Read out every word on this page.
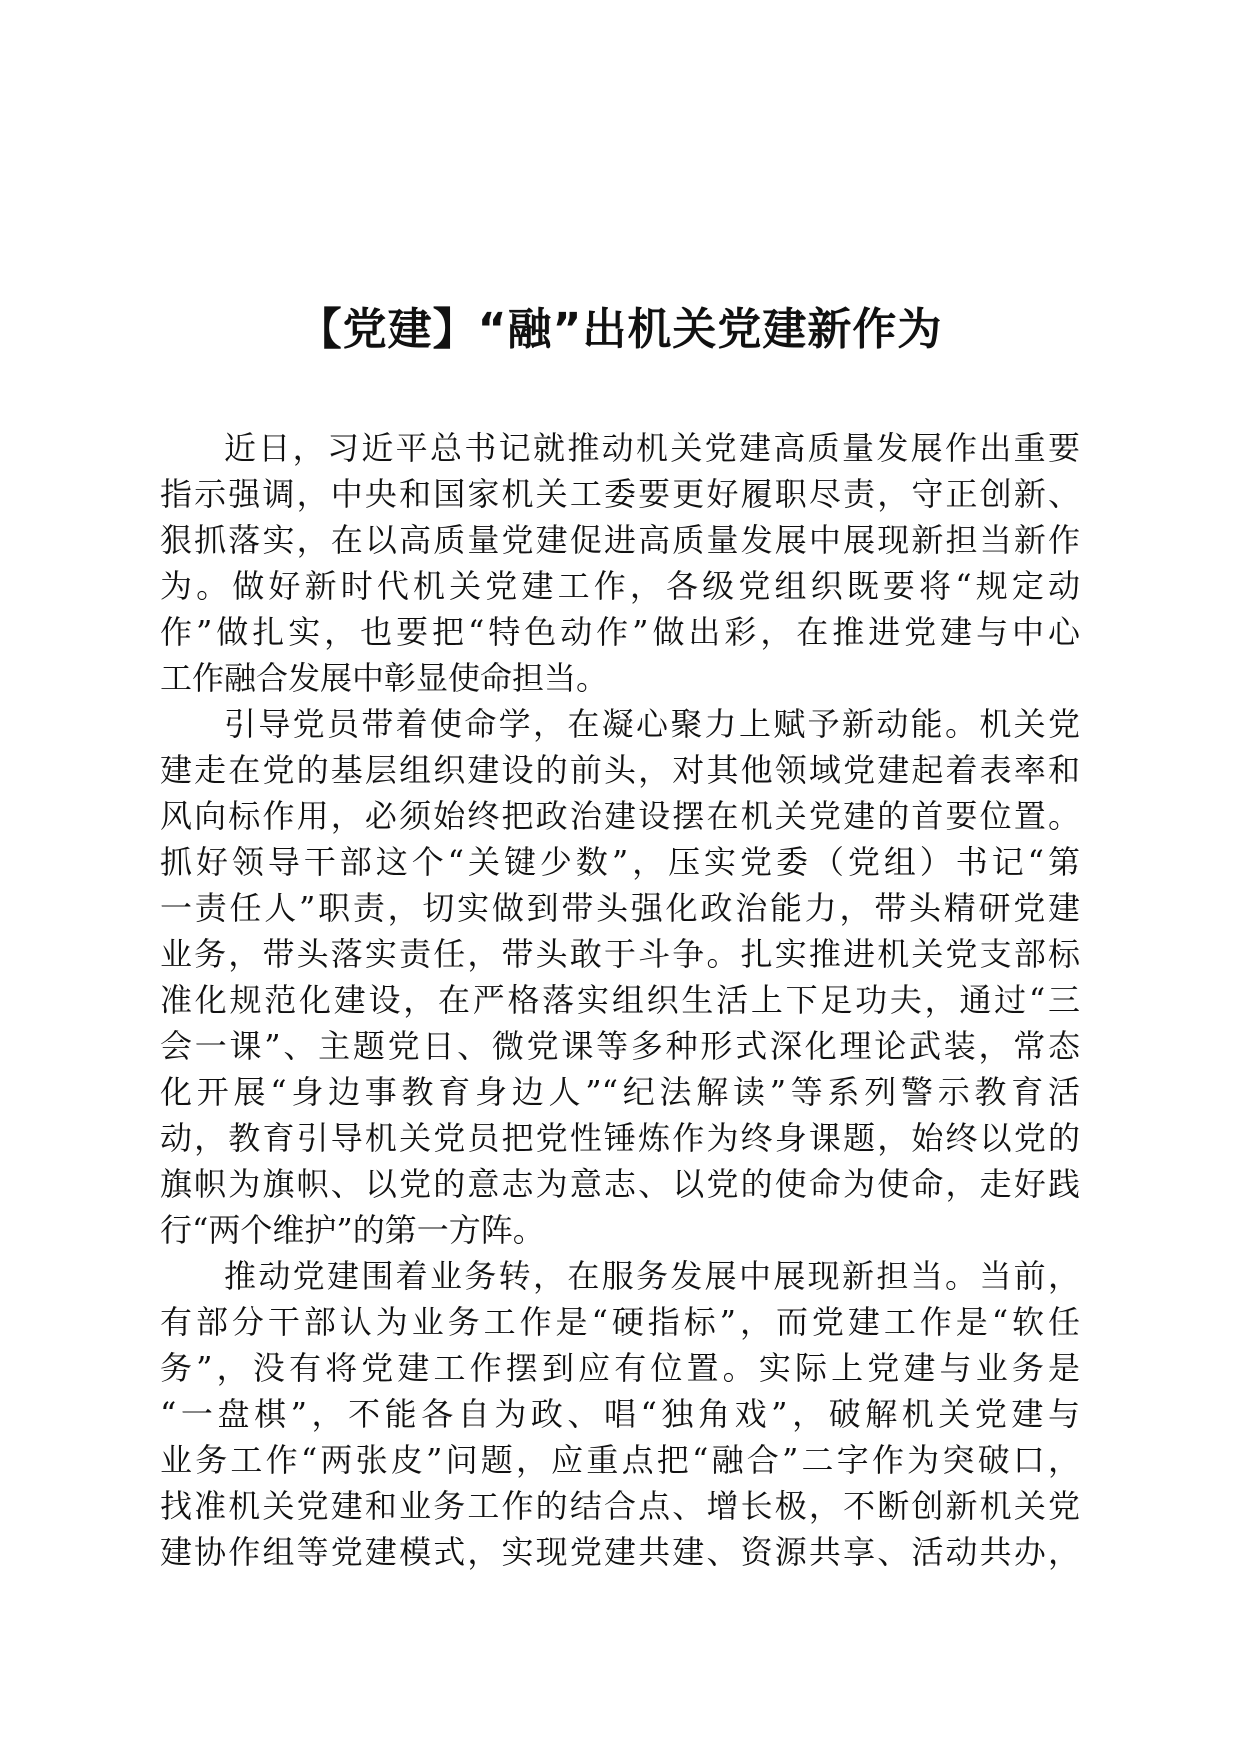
【党建】“融”出机关党建新作为
近日，习近平总书记就推动机关党建高质量发展作出重要
指示强调，中央和国家机关工委要更好履职尽责，守正创新、
狠抓落实，在以高质量党建促进高质量发展中展现新担当新作
为。做好新时代机关党建工作，各级党组织既要将“规定动
作”做扎实，也要把“特色动作”做出彩，在推进党建与中心
工作融合发展中彰显使命担当。
引导党员带着使命学，在凝心聚力上赋予新动能。机关党
建走在党的基层组织建设的前头，对其他领域党建起着表率和
风向标作用，必须始终把政治建设摆在机关党建的首要位置。
抓好领导干部这个“关键少数”，压实党委（党组）书记“第
一责任人”职责，切实做到带头强化政治能力，带头精研党建
业务，带头落实责任，带头敢于斗争。扎实推进机关党支部标
准化规范化建设，在严格落实组织生活上下足功夫，通过“三
会一课”、主题党日、微党课等多种形式深化理论武装，常态
化开展“身边事教育身边人”“纪法解读”等系列警示教育活
动，教育引导机关党员把党性锤炼作为终身课题，始终以党的
旗帜为旗帜、以党的意志为意志、以党的使命为使命，走好践
行“两个维护”的第一方阵。
推动党建围着业务转，在服务发展中展现新担当。当前，
有部分干部认为业务工作是“硬指标”，而党建工作是“软任
务”，没有将党建工作摆到应有位置。实际上党建与业务是
“一盘棋”，不能各自为政、唱“独角戏”，破解机关党建与
业务工作“两张皮”问题，应重点把“融合”二字作为突破口，
找准机关党建和业务工作的结合点、增长极，不断创新机关党
建协作组等党建模式，实现党建共建、资源共享、活动共办，
